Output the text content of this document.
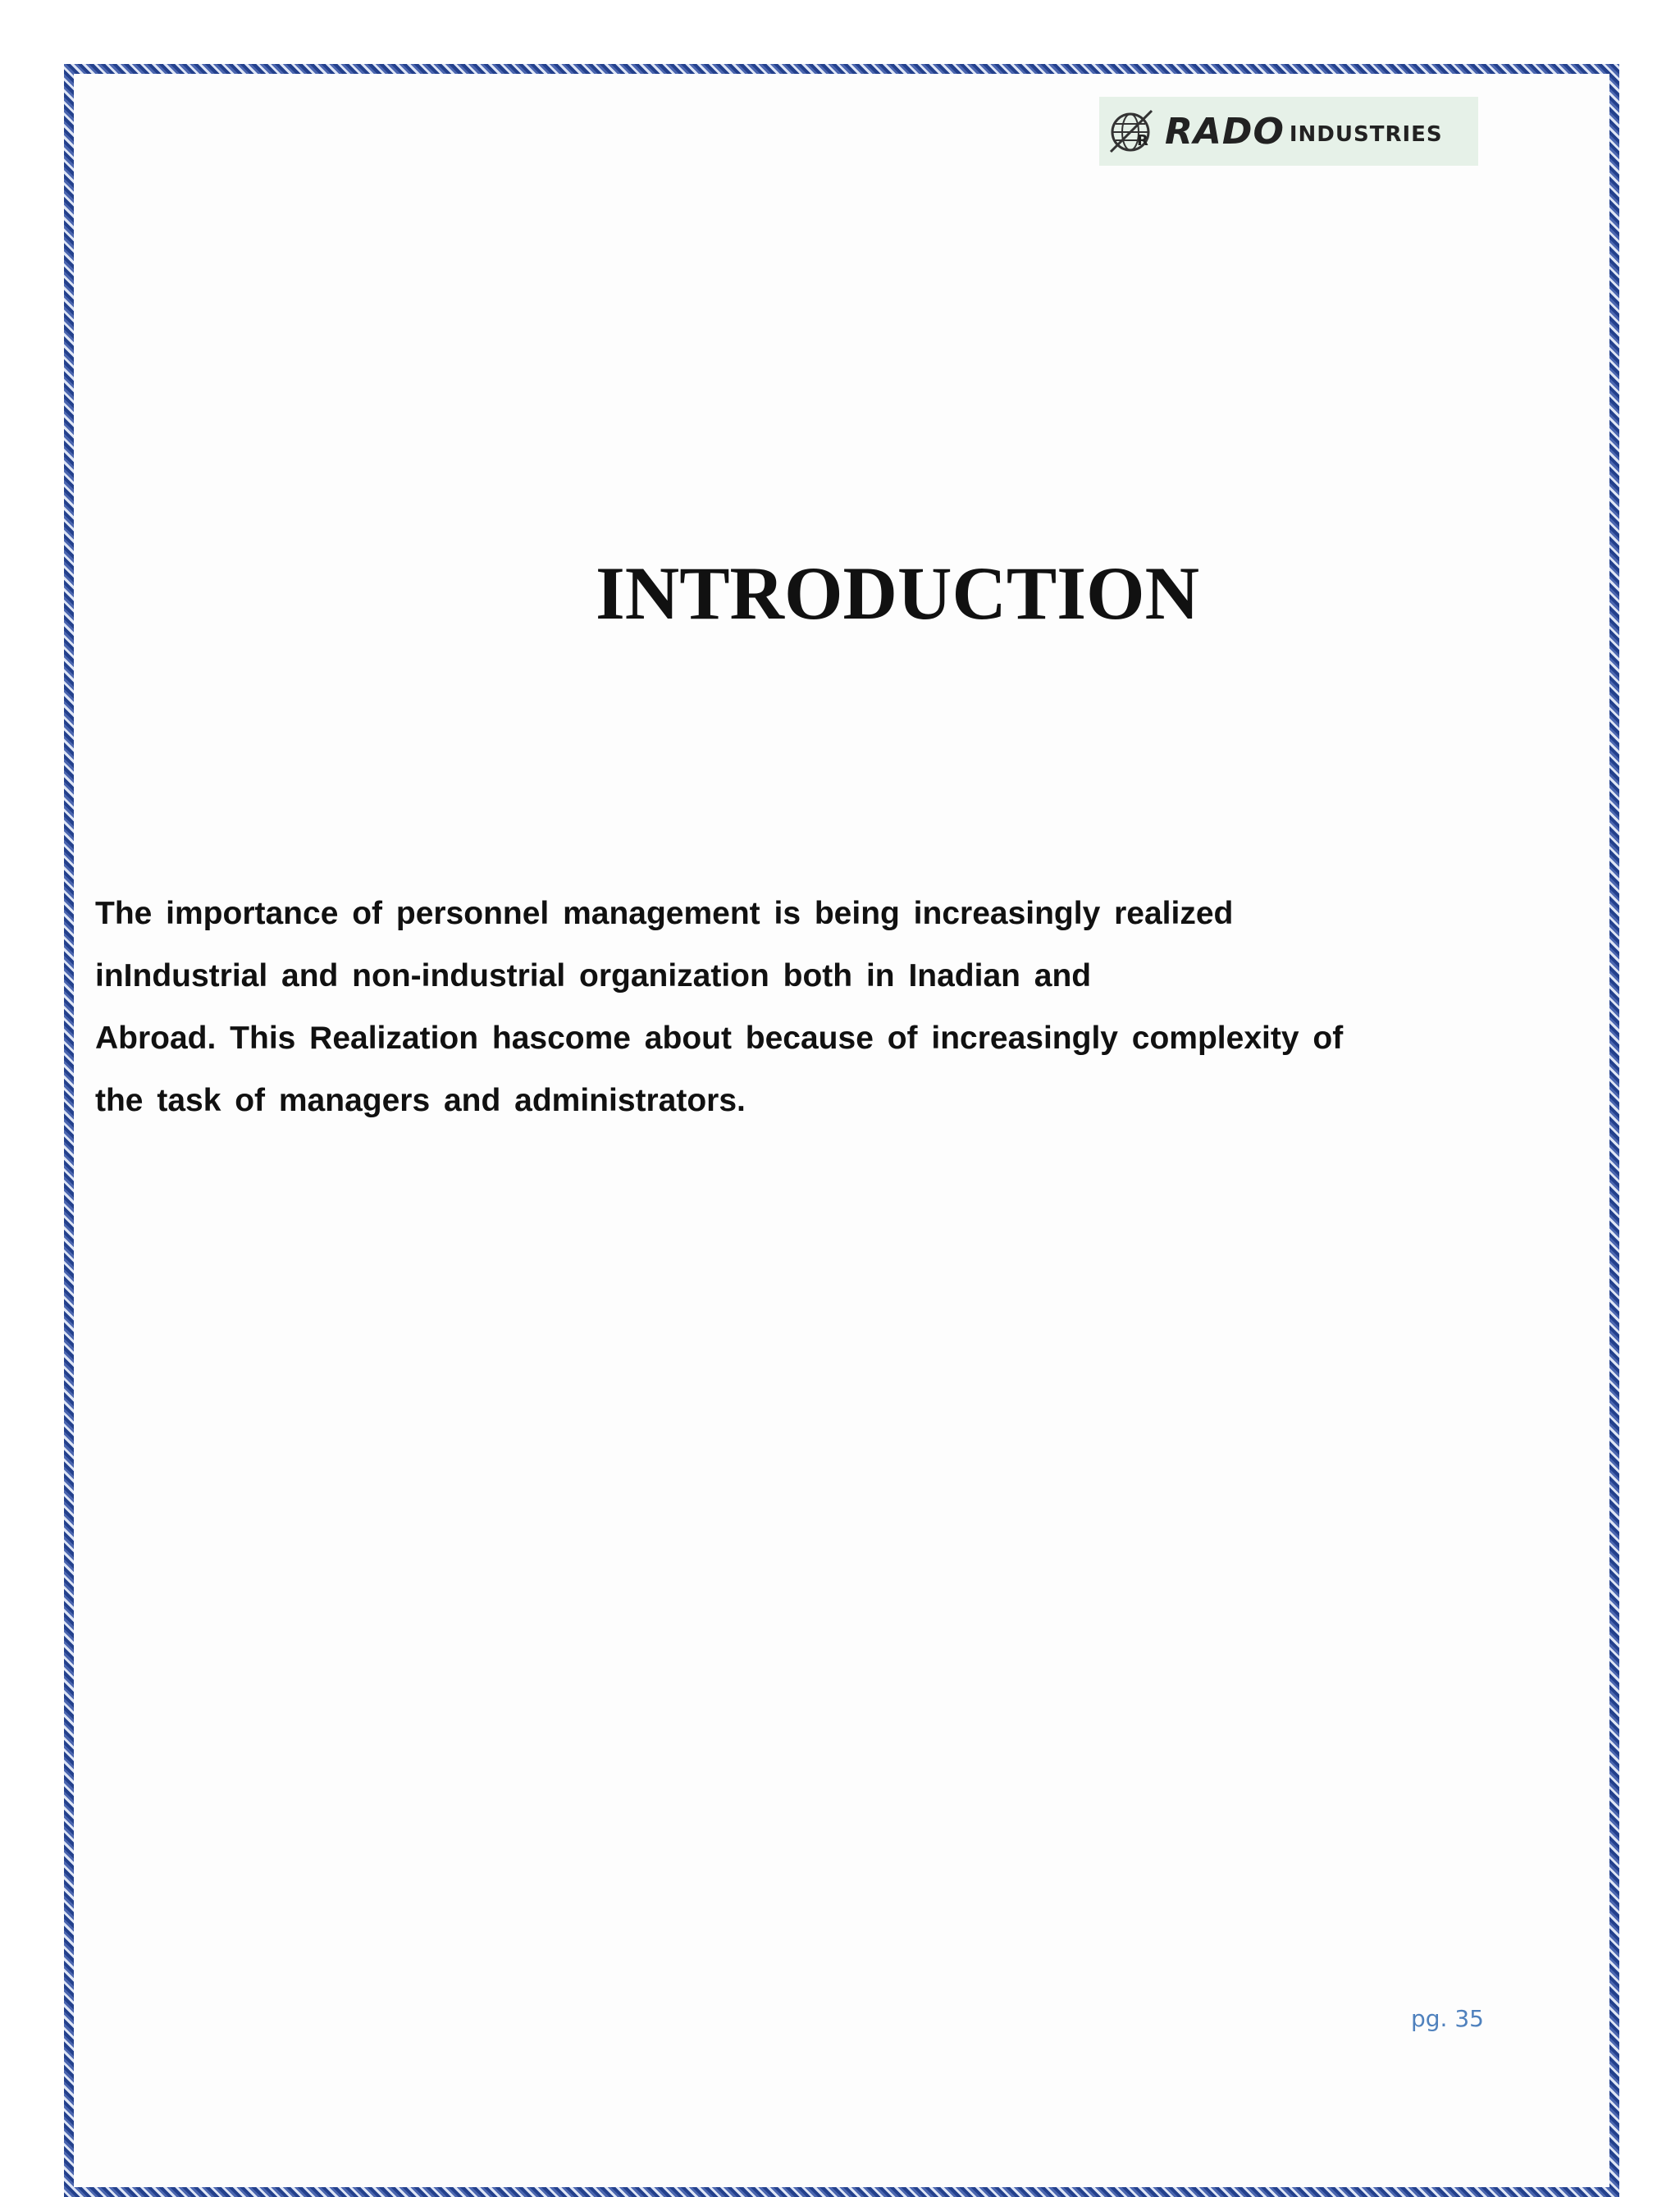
R RADO INDUSTRIES
INTRODUCTION

The importance of personnel management is being increasingly realized
inIndustrial and non-industrial organization both in Inadian and
Abroad. This Realization hascome about because of increasingly complexity of
the task of managers and administrators.

pg. 35
